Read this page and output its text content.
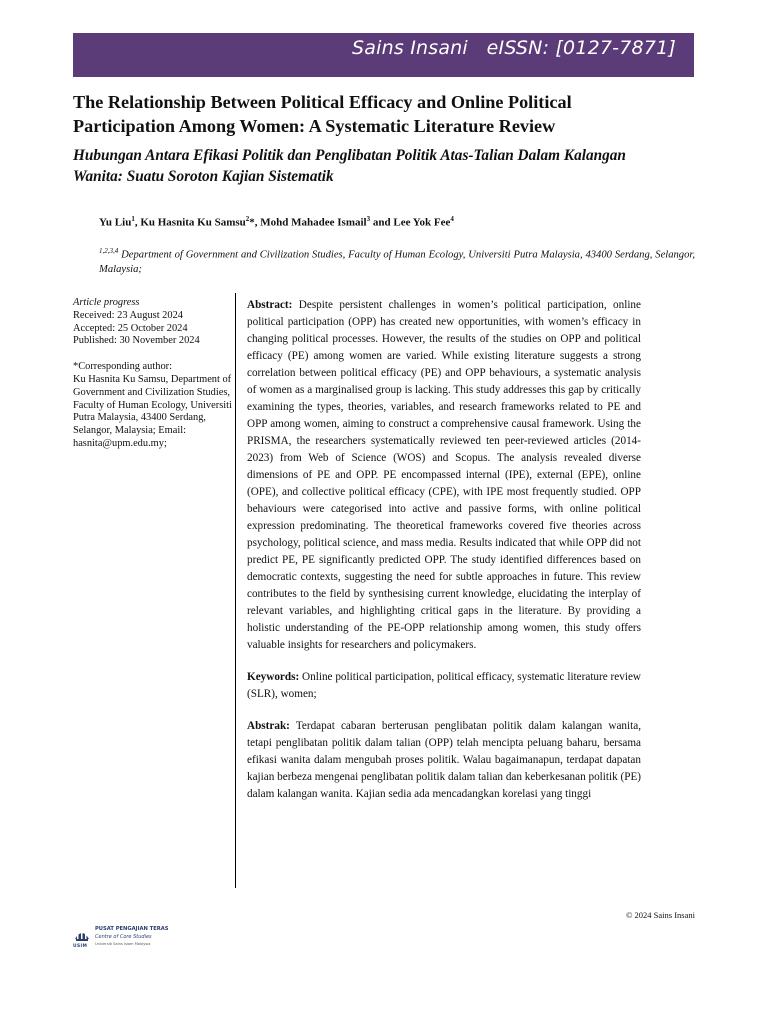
Sains Insani   eISSN: [0127-7871]
The Relationship Between Political Efficacy and Online Political Participation Among Women: A Systematic Literature Review
Hubungan Antara Efikasi Politik dan Penglibatan Politik Atas-Talian Dalam Kalangan Wanita: Suatu Soroton Kajian Sistematik
Yu Liu$^1$, Ku Hasnita Ku Samsu$^2$*, Mohd Mahadee Ismail$^3$ and Lee Yok Fee$^4$
$^{1,2,3,4}$ Department of Government and Civilization Studies, Faculty of Human Ecology, Universiti Putra Malaysia, 43400 Serdang, Selangor, Malaysia;
Article progress
Received: 23 August 2024
Accepted: 25 October 2024
Published: 30 November 2024
*Corresponding author:
Ku Hasnita Ku Samsu, Department of Government and Civilization Studies, Faculty of Human Ecology, Universiti Putra Malaysia, 43400 Serdang, Selangor, Malaysia; Email: hasnita@upm.edu.my;

Abstract: Despite persistent challenges in women’s political participation, online political participation (OPP) has created new opportunities, with women’s efficacy in changing political processes. However, the results of the studies on OPP and political efficacy (PE) among women are varied. While existing literature suggests a strong correlation between political efficacy (PE) and OPP behaviours, a systematic analysis of women as a marginalised group is lacking. This study addresses this gap by critically examining the types, theories, variables, and research frameworks related to PE and OPP among women, aiming to construct a comprehensive causal framework. Using the PRISMA, the researchers systematically reviewed ten peer-reviewed articles (2014-2023) from Web of Science (WOS) and Scopus. The analysis revealed diverse dimensions of PE and OPP. PE encompassed internal (IPE), external (EPE), online (OPE), and collective political efficacy (CPE), with IPE most frequently studied. OPP behaviours were categorised into active and passive forms, with online political expression predominating. The theoretical frameworks covered five theories across psychology, political science, and mass media. Results indicated that while OPP did not predict PE, PE significantly predicted OPP. The study identified differences based on democratic contexts, suggesting the need for subtle approaches in future. This review contributes to the field by synthesising current knowledge, elucidating the interplay of relevant variables, and highlighting critical gaps in the literature. By providing a holistic understanding of the PE-OPP relationship among women, this study offers valuable insights for researchers and policymakers.

Keywords: Online political participation, political efficacy, systematic literature review (SLR), women;

Abstrak: Terdapat cabaran berterusan penglibatan politik dalam kalangan wanita, tetapi penglibatan politik dalam talian (OPP) telah mencipta peluang baharu, bersama efikasi wanita dalam mengubah proses politik. Walau bagaimanapun, terdapat dapatan kajian berbeza mengenai penglibatan politik dalam talian dan keberkesanan politik (PE) dalam kalangan wanita. Kajian sedia ada mencadangkan korelasi yang tinggi

© 2024 Sains Insani
USIM
PUSAT PENGAJIAN TERAS
Centre of Core Studies
Universiti Sains Islam Malaysia
